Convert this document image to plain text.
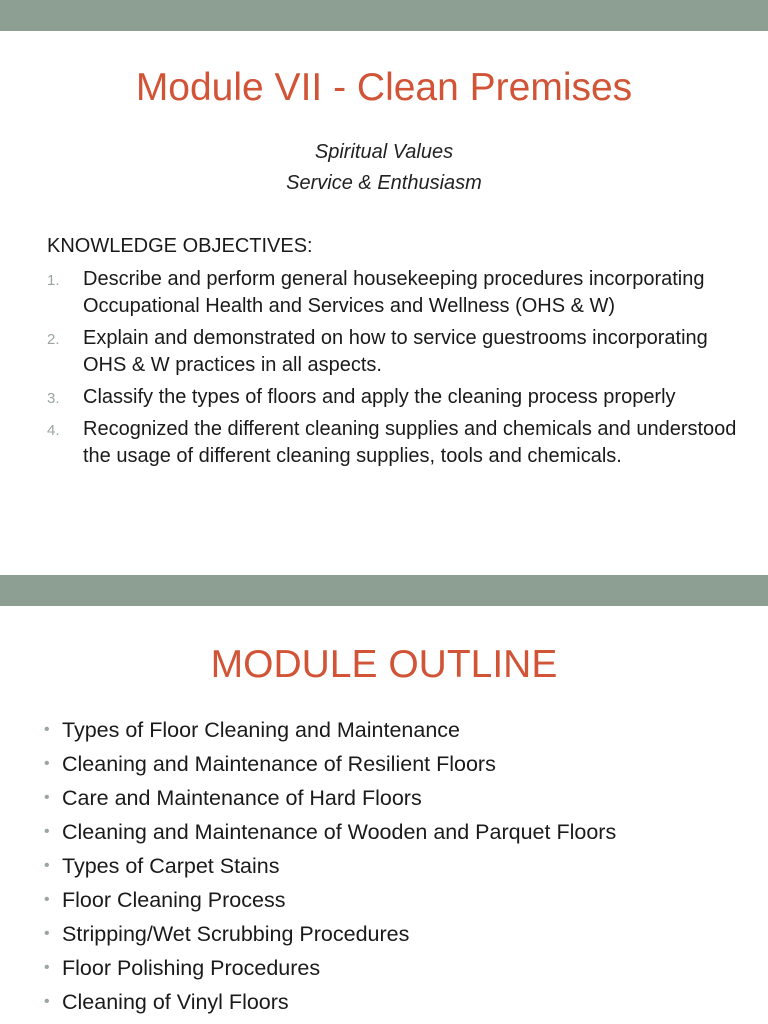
Module VII - Clean Premises
Spiritual Values
Service & Enthusiasm
KNOWLEDGE OBJECTIVES:
1. Describe and perform general housekeeping procedures incorporating Occupational Health and Services and Wellness (OHS & W)
2. Explain and demonstrated on how to service guestrooms incorporating OHS & W practices in all aspects.
3. Classify the types of floors and apply the cleaning process properly
4. Recognized the different cleaning supplies and chemicals and understood the usage of different cleaning supplies, tools and chemicals.
MODULE OUTLINE
• Types of Floor Cleaning and Maintenance
• Cleaning and Maintenance of Resilient Floors
• Care and Maintenance of Hard Floors
• Cleaning and Maintenance of Wooden and Parquet Floors
• Types of Carpet Stains
• Floor Cleaning Process
• Stripping/Wet Scrubbing Procedures
• Floor Polishing Procedures
• Cleaning of Vinyl Floors
